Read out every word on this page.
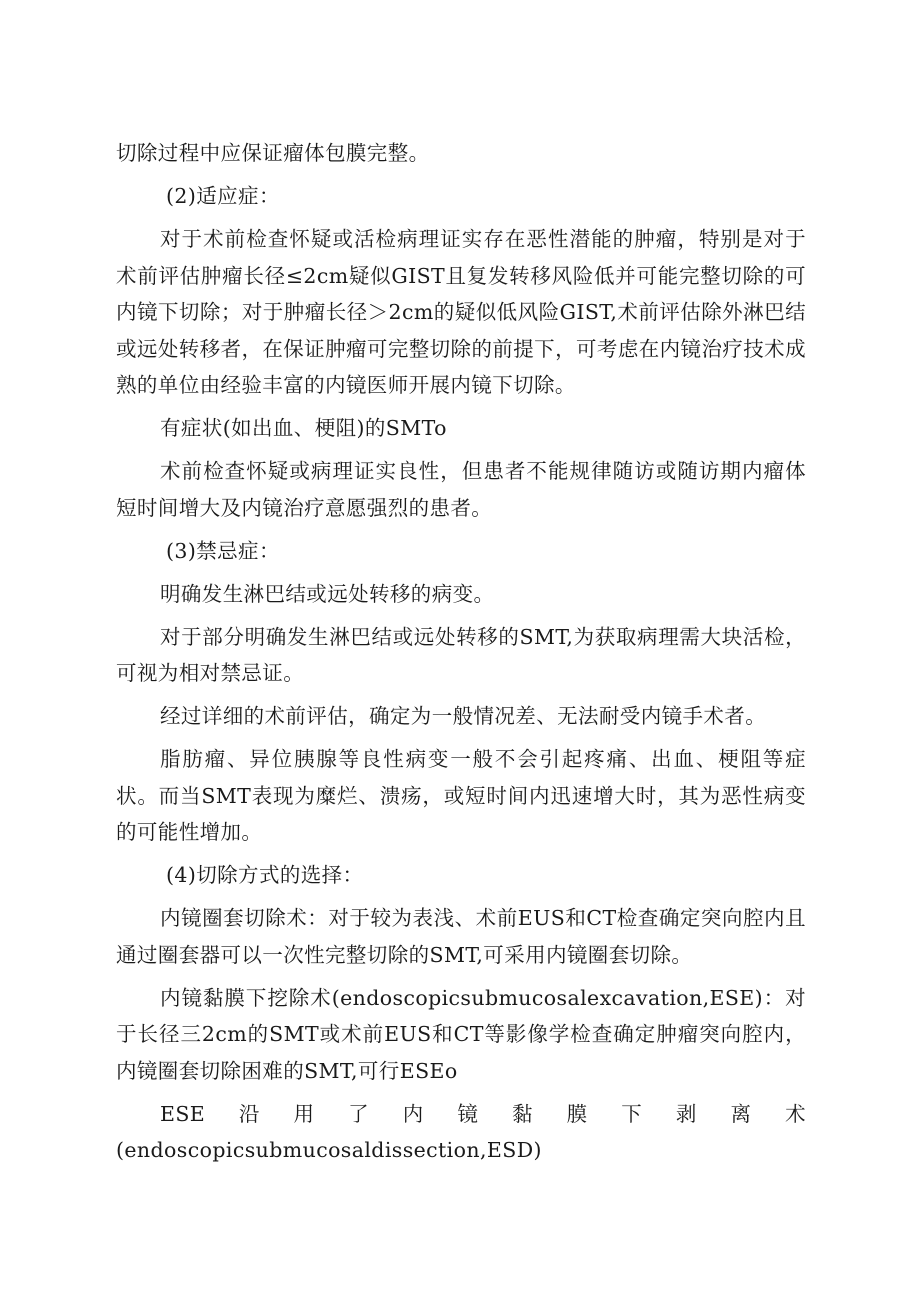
切除过程中应保证瘤体包膜完整。

(2)适应症：

对于术前检查怀疑或活检病理证实存在恶性潜能的肿瘤，特别是对于术前评估肿瘤长径≤2cm疑似GIST且复发转移风险低并可能完整切除的可内镜下切除；对于肿瘤长径＞2cm的疑似低风险GIST,术前评估除外淋巴结或远处转移者，在保证肿瘤可完整切除的前提下，可考虑在内镜治疗技术成熟的单位由经验丰富的内镜医师开展内镜下切除。

有症状(如出血、梗阻)的SMTo

术前检查怀疑或病理证实良性，但患者不能规律随访或随访期内瘤体短时间增大及内镜治疗意愿强烈的患者。

(3)禁忌症：

明确发生淋巴结或远处转移的病变。

对于部分明确发生淋巴结或远处转移的SMT,为获取病理需大块活检，可视为相对禁忌证。

经过详细的术前评估，确定为一般情况差、无法耐受内镜手术者。

脂肪瘤、异位胰腺等良性病变一般不会引起疼痛、出血、梗阻等症状。而当SMT表现为糜烂、溃疡，或短时间内迅速增大时，其为恶性病变的可能性增加。

(4)切除方式的选择：

内镜圈套切除术：对于较为表浅、术前EUS和CT检查确定突向腔内且通过圈套器可以一次性完整切除的SMT,可采用内镜圈套切除。

内镜黏膜下挖除术(endoscopicsubmucosalexcavation,ESE)：对于长径三2cm的SMT或术前EUS和CT等影像学检查确定肿瘤突向腔内，内镜圈套切除困难的SMT,可行ESEo

ESE沿用了内镜黏膜下剥离术(endoscopicsubmucosaldissection,ESD)
